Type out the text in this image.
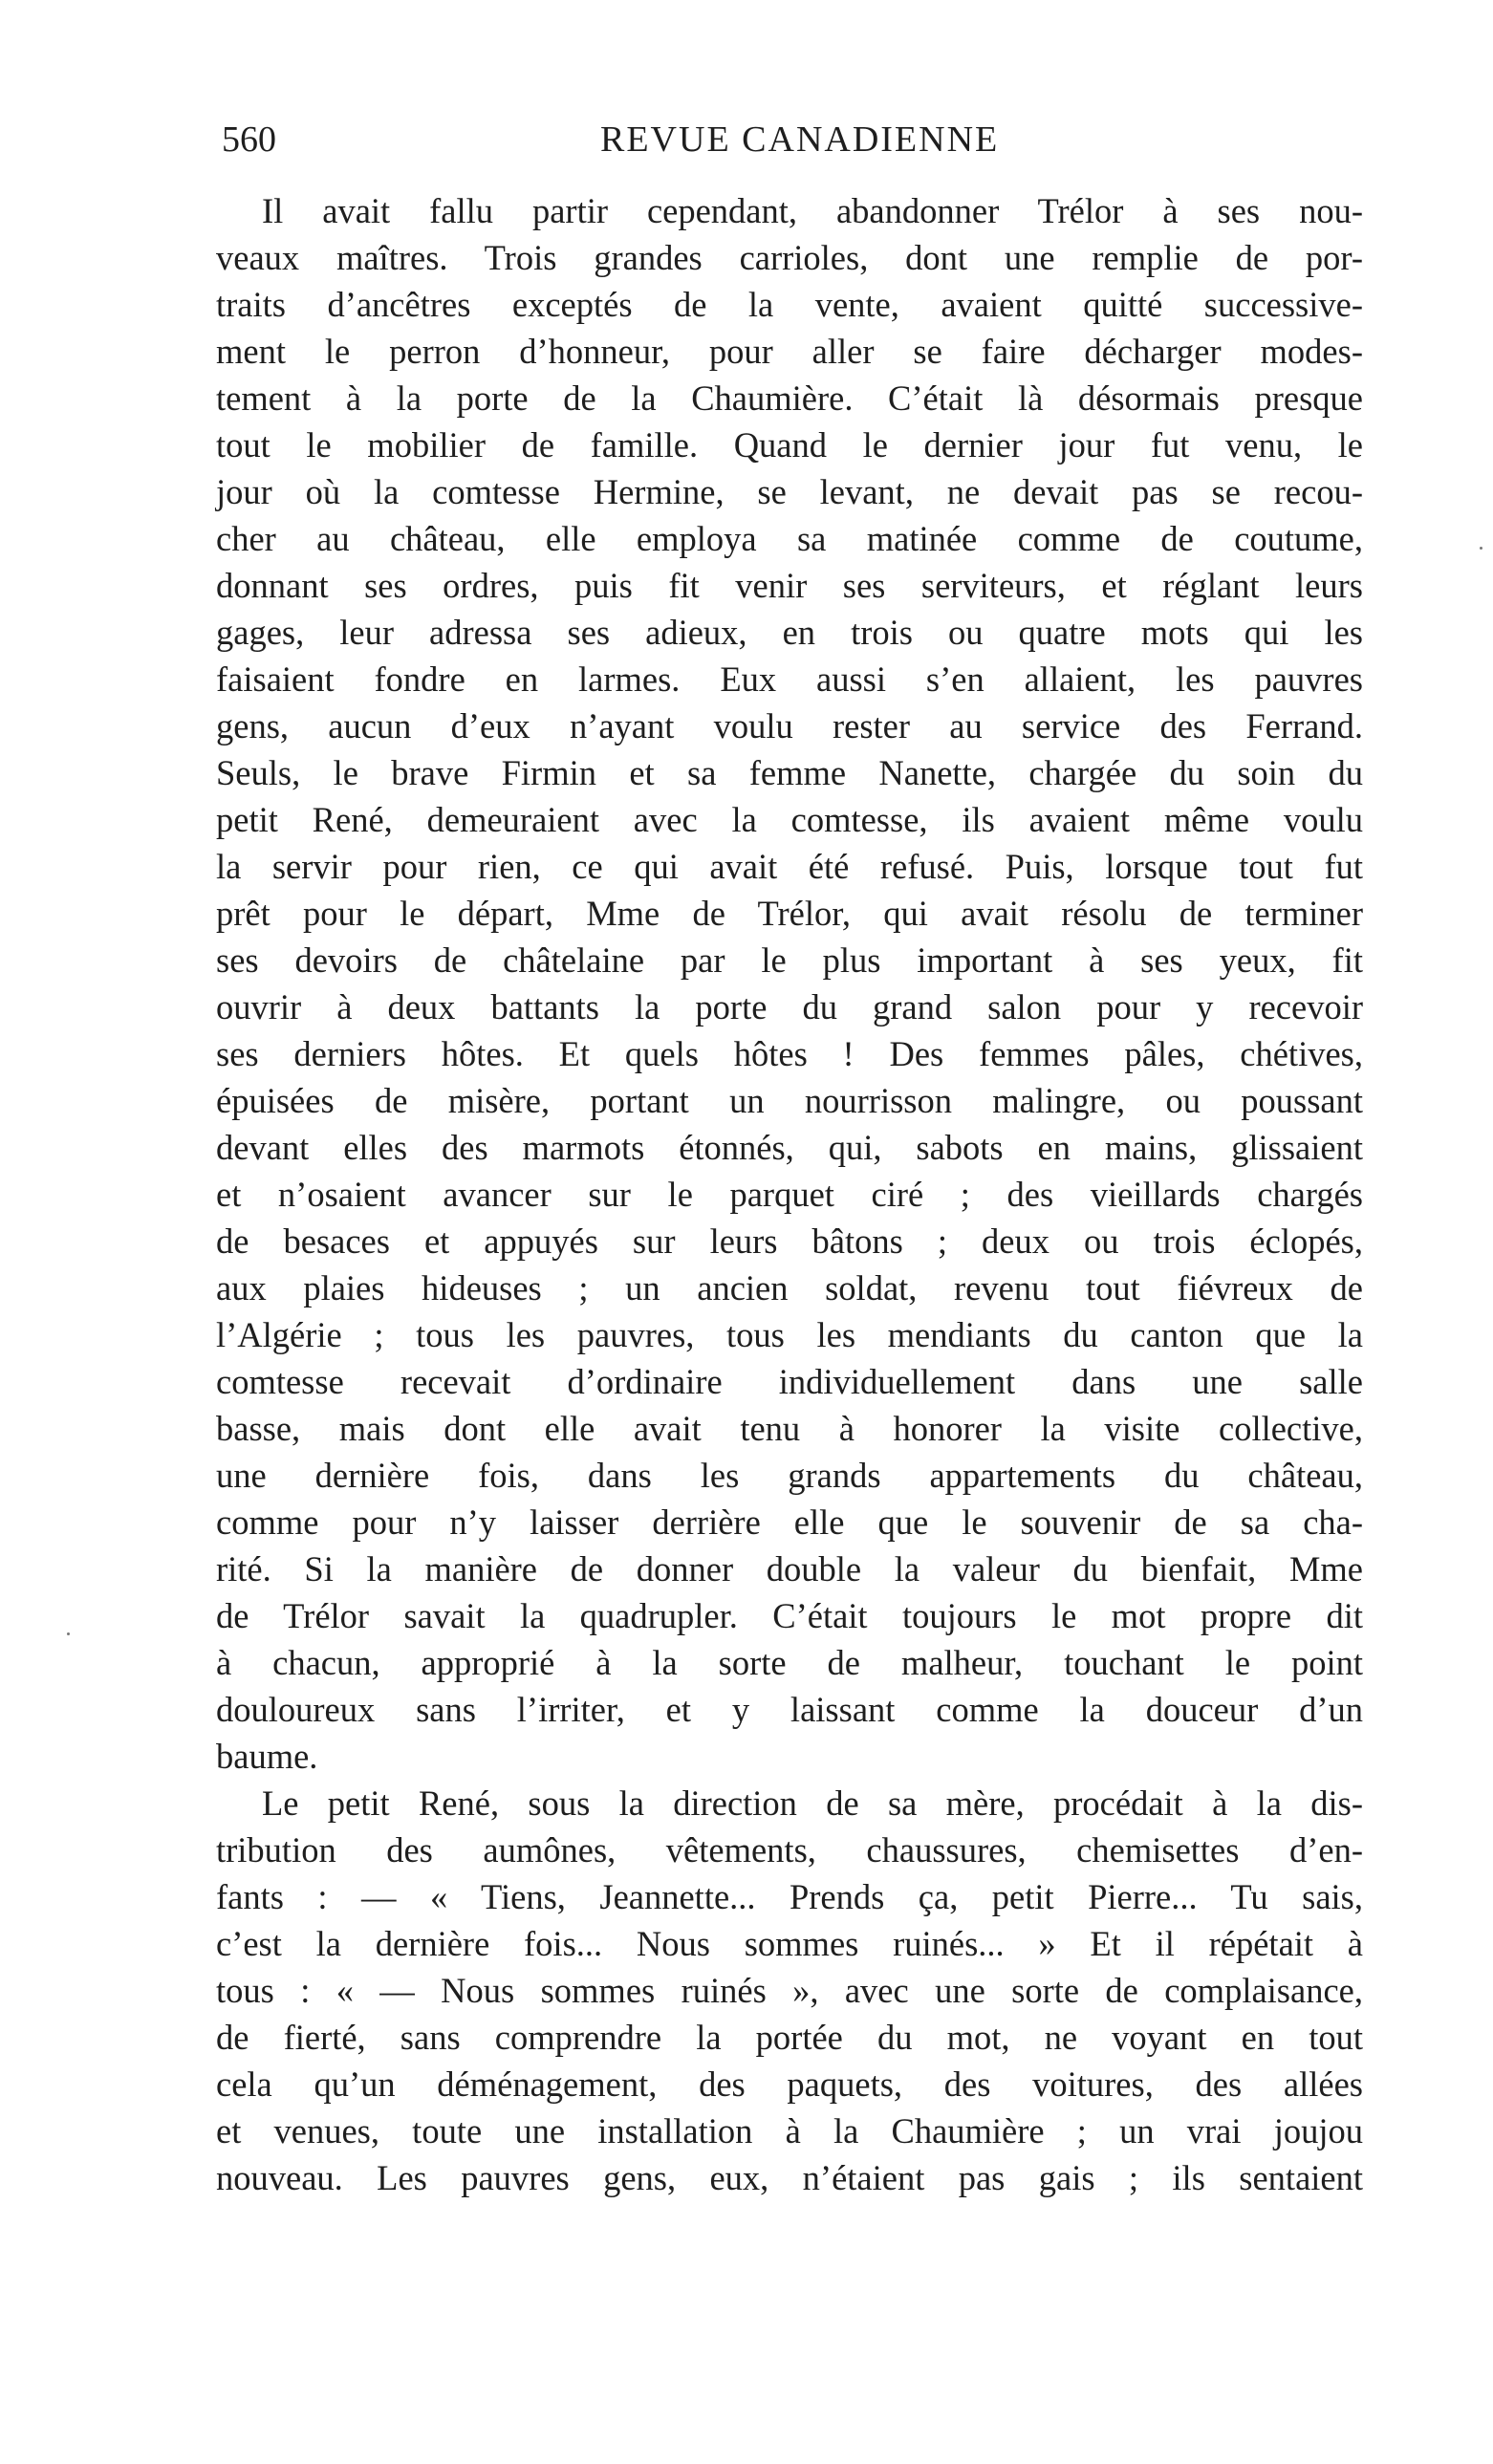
560	REVUE CANADIENNE
Il avait fallu partir cependant, abandonner Trélor à ses nou-
veaux maîtres. Trois grandes carrioles, dont une remplie de por-
traits d’ancêtres exceptés de la vente, avaient quitté successive-
ment le perron d’honneur, pour aller se faire décharger modes-
tement à la porte de la Chaumière. C’était là désormais presque
tout le mobilier de famille. Quand le dernier jour fut venu, le
jour où la comtesse Hermine, se levant, ne devait pas se recou-
cher au château, elle employa sa matinée comme de coutume,
donnant ses ordres, puis fit venir ses serviteurs, et réglant leurs
gages, leur adressa ses adieux, en trois ou quatre mots qui les
faisaient fondre en larmes. Eux aussi s’en allaient, les pauvres
gens, aucun d’eux n’ayant voulu rester au service des Ferrand.
Seuls, le brave Firmin et sa femme Nanette, chargée du soin du
petit René, demeuraient avec la comtesse, ils avaient même voulu
la servir pour rien, ce qui avait été refusé. Puis, lorsque tout fut
prêt pour le départ, Mme de Trélor, qui avait résolu de terminer
ses devoirs de châtelaine par le plus important à ses yeux, fit
ouvrir à deux battants la porte du grand salon pour y recevoir
ses derniers hôtes. Et quels hôtes ! Des femmes pâles, chétives,
épuisées de misère, portant un nourrisson malingre, ou poussant
devant elles des marmots étonnés, qui, sabots en mains, glissaient
et n’osaient avancer sur le parquet ciré ; des vieillards chargés
de besaces et appuyés sur leurs bâtons ; deux ou trois éclopés,
aux plaies hideuses ; un ancien soldat, revenu tout fiévreux de
l’Algérie ; tous les pauvres, tous les mendiants du canton que la
comtesse recevait d’ordinaire individuellement dans une salle
basse, mais dont elle avait tenu à honorer la visite collective,
une dernière fois, dans les grands appartements du château,
comme pour n’y laisser derrière elle que le souvenir de sa cha-
rité. Si la manière de donner double la valeur du bienfait, Mme
de Trélor savait la quadrupler. C’était toujours le mot propre dit
à chacun, approprié à la sorte de malheur, touchant le point
douloureux sans l’irriter, et y laissant comme la douceur d’un
baume.
Le petit René, sous la direction de sa mère, procédait à la dis-
tribution des aumônes, vêtements, chaussures, chemisettes d’en-
fants : — « Tiens, Jeannette... Prends ça, petit Pierre... Tu sais,
c’est la dernière fois... Nous sommes ruinés... » Et il répétait à
tous : « — Nous sommes ruinés », avec une sorte de complaisance,
de fierté, sans comprendre la portée du mot, ne voyant en tout
cela qu’un déménagement, des paquets, des voitures, des allées
et venues, toute une installation à la Chaumière ; un vrai joujou
nouveau. Les pauvres gens, eux, n’étaient pas gais ; ils sentaient
